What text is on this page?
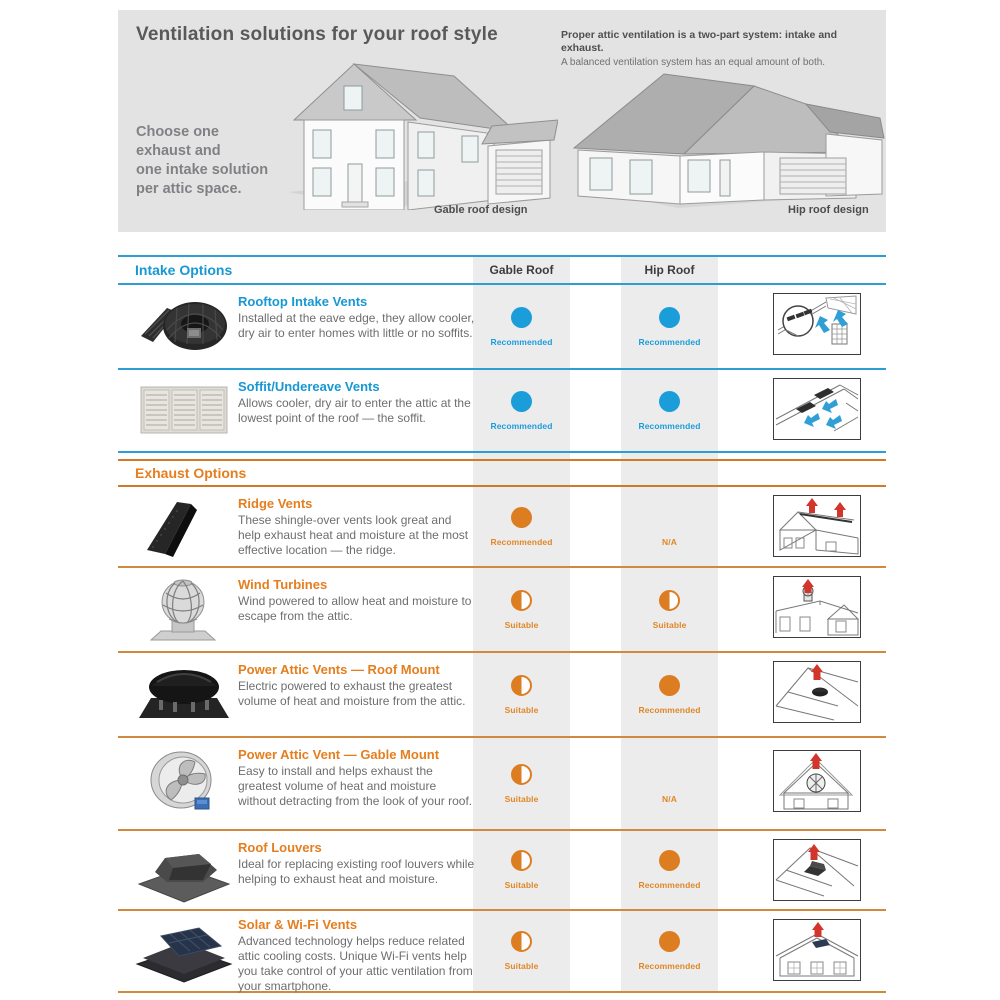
Ventilation solutions for your roof style	Proper attic ventilation is a two-part system: intake and exhaust.
A balanced ventilation system has an equal amount of both.
Choose one
exhaust and
one intake solution
per attic space.
Gable roof design	Hip roof design
Intake Options	Gable Roof	Hip Roof
Rooftop Intake Vents
Installed at the eave edge, they allow cooler, dry air to enter homes with little or no soffits.
Recommended	Recommended
Soffit/Undereave Vents
Allows cooler, dry air to enter the attic at the lowest point of the roof — the soffit.
Recommended	Recommended
Exhaust Options
Ridge Vents
These shingle-over vents look great and help exhaust heat and moisture at the most effective location — the ridge.
Recommended	N/A
Wind Turbines
Wind powered to allow heat and moisture to escape from the attic.
Suitable	Suitable
Power Attic Vents — Roof Mount
Electric powered to exhaust the greatest volume of heat and moisture from the attic.
Suitable	Recommended
Power Attic Vent — Gable Mount
Easy to install and helps exhaust the greatest volume of heat and moisture without detracting from the look of your roof.	Suitable	N/A
Roof Louvers
Ideal for replacing existing roof louvers while helping to exhaust heat and moisture.	Suitable	Recommended
Solar & Wi-Fi Vents
Advanced technology helps reduce related attic cooling costs. Unique Wi-Fi vents help you take control of your attic ventilation from your smartphone.
Suitable	Recommended
